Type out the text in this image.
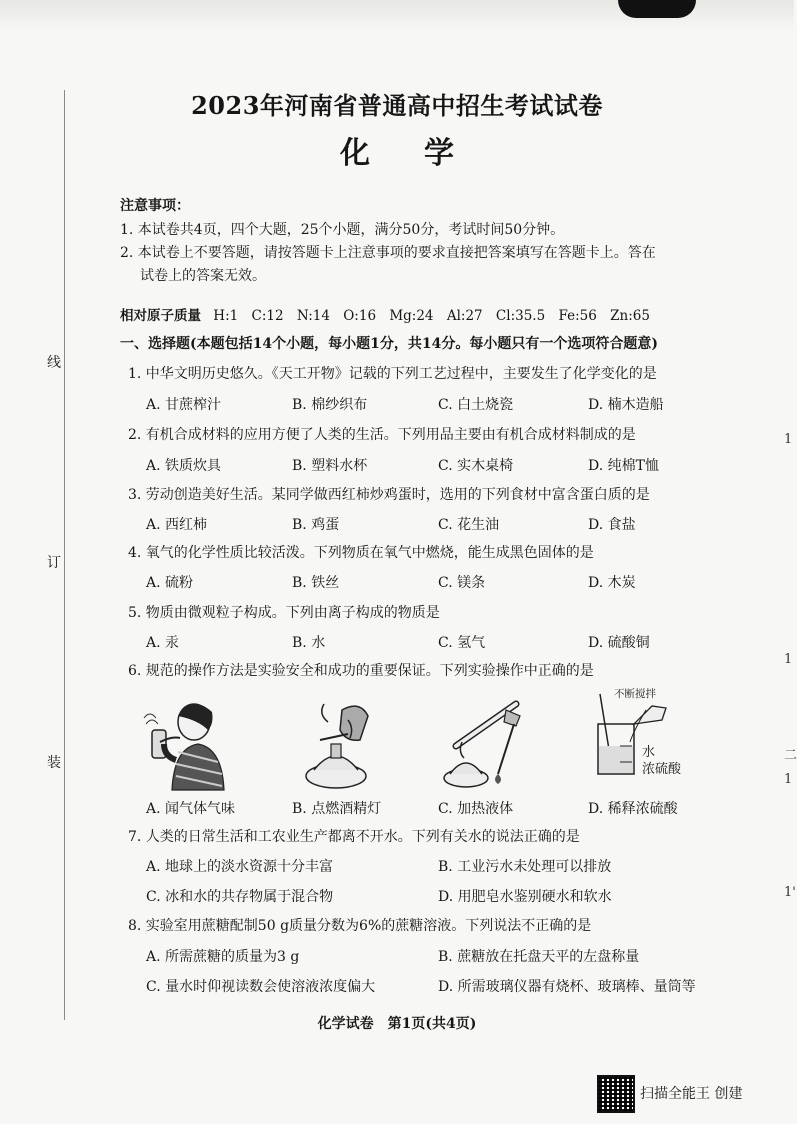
线
订
装
1
1
二
1
1'
2023年河南省普通高中招生考试试卷
化学
注意事项：
1. 本试卷共4页，四个大题，25个小题，满分50分，考试时间50分钟。
2. 本试卷上不要答题，请按答题卡上注意事项的要求直接把答案填写在答题卡上。答在
试卷上的答案无效。
相对原子质量 H:1 C:12 N:14 O:16 Mg:24 Al:27 Cl:35.5 Fe:56 Zn:65
一、选择题(本题包括14个小题，每小题1分，共14分。每小题只有一个选项符合题意)
1. 中华文明历史悠久。《天工开物》记载的下列工艺过程中，主要发生了化学变化的是
A. 甘蔗榨汁	B. 棉纱织布	C. 白土烧瓷	D. 楠木造船
2. 有机合成材料的应用方便了人类的生活。下列用品主要由有机合成材料制成的是
A. 铁质炊具	B. 塑料水杯	C. 实木桌椅	D. 纯棉T恤
3. 劳动创造美好生活。某同学做西红柿炒鸡蛋时，选用的下列食材中富含蛋白质的是
A. 西红柿	B. 鸡蛋	C. 花生油	D. 食盐
4. 氧气的化学性质比较活泼。下列物质在氧气中燃烧，能生成黑色固体的是
A. 硫粉	B. 铁丝	C. 镁条	D. 木炭
5. 物质由微观粒子构成。下列由离子构成的物质是
A. 汞	B. 水	C. 氢气	D. 硫酸铜
6. 规范的操作方法是实验安全和成功的重要保证。下列实验操作中正确的是
不断搅拌
水
浓硫酸
A. 闻气体气味	B. 点燃酒精灯	C. 加热液体	D. 稀释浓硫酸
7. 人类的日常生活和工农业生产都离不开水。下列有关水的说法正确的是
A. 地球上的淡水资源十分丰富	B. 工业污水未处理可以排放
C. 冰和水的共存物属于混合物	D. 用肥皂水鉴别硬水和软水
8. 实验室用蔗糖配制50 g质量分数为6%的蔗糖溶液。下列说法不正确的是
A. 所需蔗糖的质量为3 g	B. 蔗糖放在托盘天平的左盘称量
C. 量水时仰视读数会使溶液浓度偏大	D. 所需玻璃仪器有烧杯、玻璃棒、量筒等
化学试卷　第1页(共4页)
扫描全能王 创建
